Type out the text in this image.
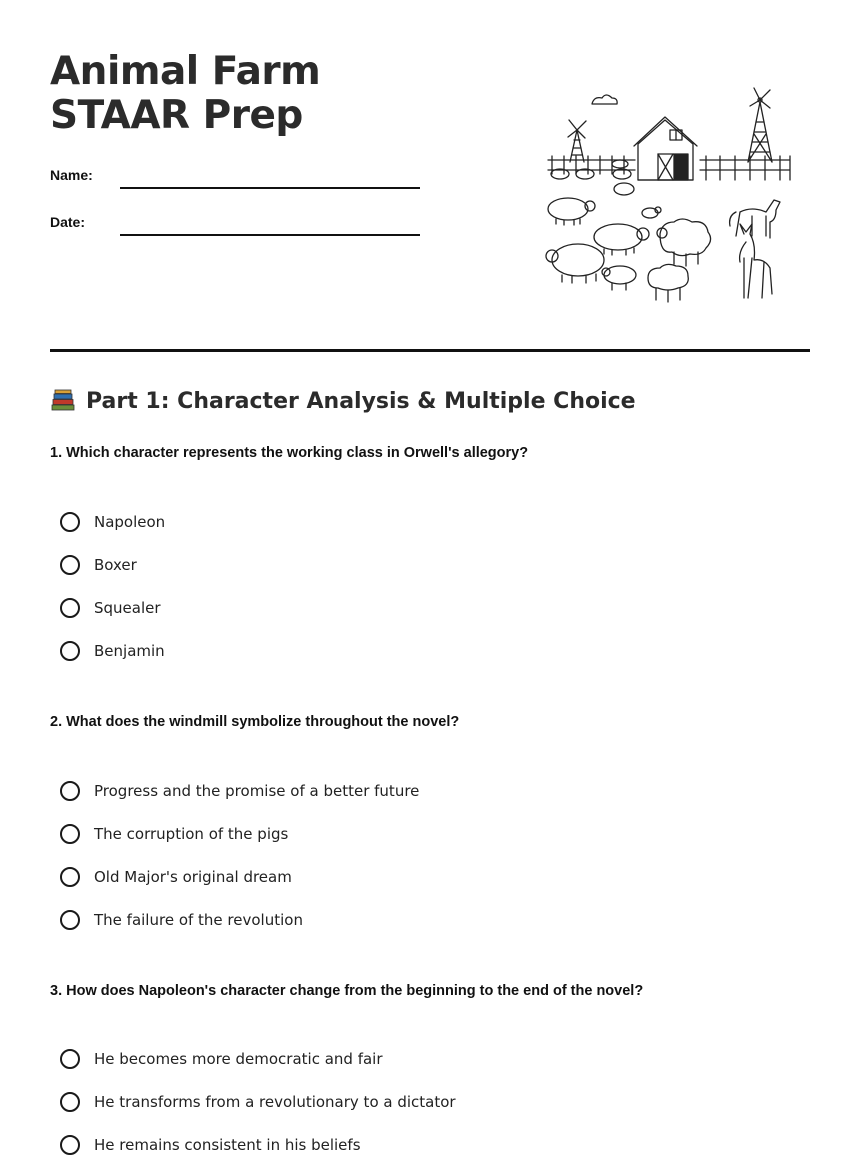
Animal Farm STAAR Prep
Name:
Date:
Part 1: Character Analysis & Multiple Choice

1. Which character represents the working class in Orwell's allegory?

Napoleon
Boxer
Squealer
Benjamin

2. What does the windmill symbolize throughout the novel?

Progress and the promise of a better future
The corruption of the pigs
Old Major's original dream
The failure of the revolution

3. How does Napoleon's character change from the beginning to the end of the novel?

He becomes more democratic and fair
He transforms from a revolutionary to a dictator
He remains consistent in his beliefs
